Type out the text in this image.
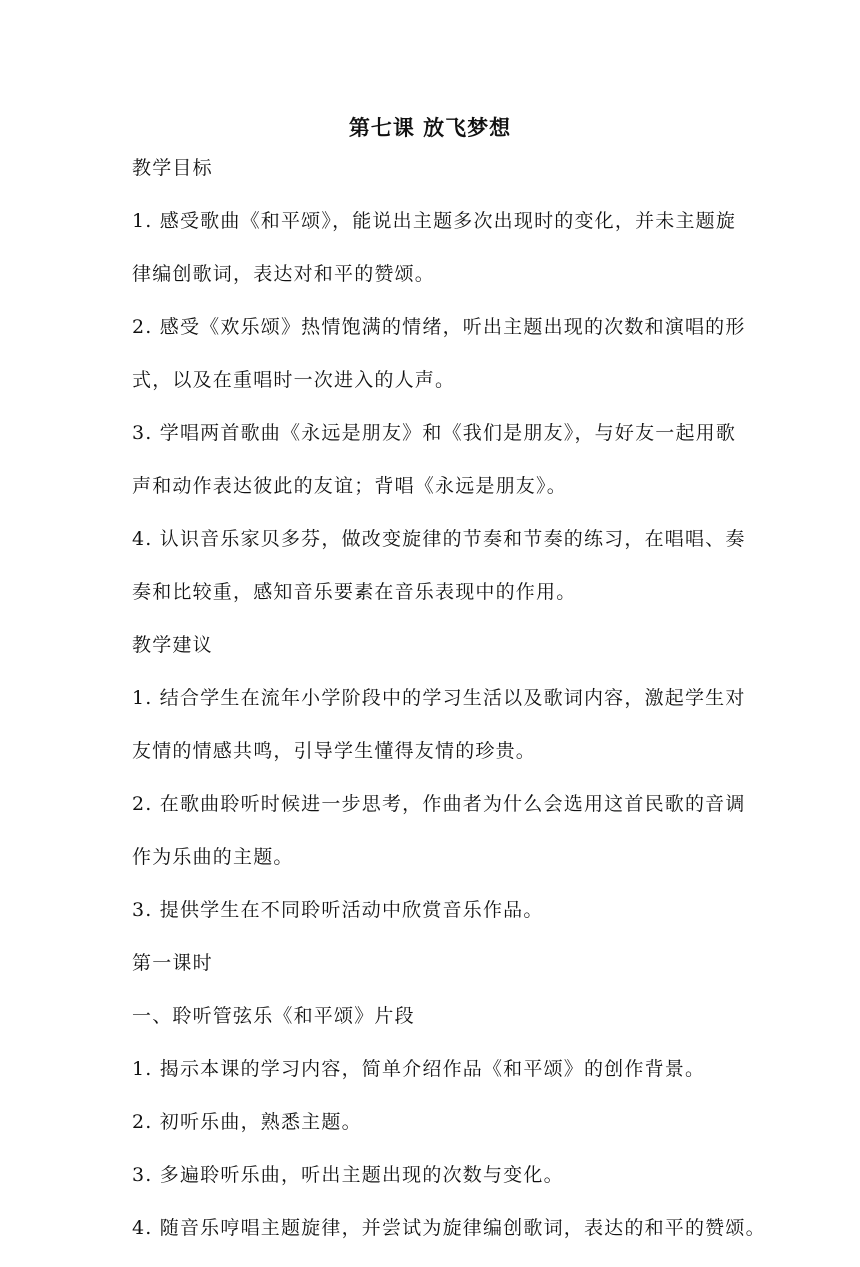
第七课 放飞梦想
教学目标
1. 感受歌曲《和平颂》，能说出主题多次出现时的变化，并未主题旋
律编创歌词，表达对和平的赞颂。
2. 感受《欢乐颂》热情饱满的情绪，听出主题出现的次数和演唱的形
式，以及在重唱时一次进入的人声。
3. 学唱两首歌曲《永远是朋友》和《我们是朋友》，与好友一起用歌
声和动作表达彼此的友谊；背唱《永远是朋友》。
4. 认识音乐家贝多芬，做改变旋律的节奏和节奏的练习，在唱唱、奏
奏和比较重，感知音乐要素在音乐表现中的作用。
教学建议
1. 结合学生在流年小学阶段中的学习生活以及歌词内容，激起学生对
友情的情感共鸣，引导学生懂得友情的珍贵。
2. 在歌曲聆听时候进一步思考，作曲者为什么会选用这首民歌的音调
作为乐曲的主题。
3. 提供学生在不同聆听活动中欣赏音乐作品。
第一课时
一、聆听管弦乐《和平颂》片段
1. 揭示本课的学习内容，简单介绍作品《和平颂》的创作背景。
2. 初听乐曲，熟悉主题。
3. 多遍聆听乐曲，听出主题出现的次数与变化。
4. 随音乐哼唱主题旋律，并尝试为旋律编创歌词，表达的和平的赞颂。
